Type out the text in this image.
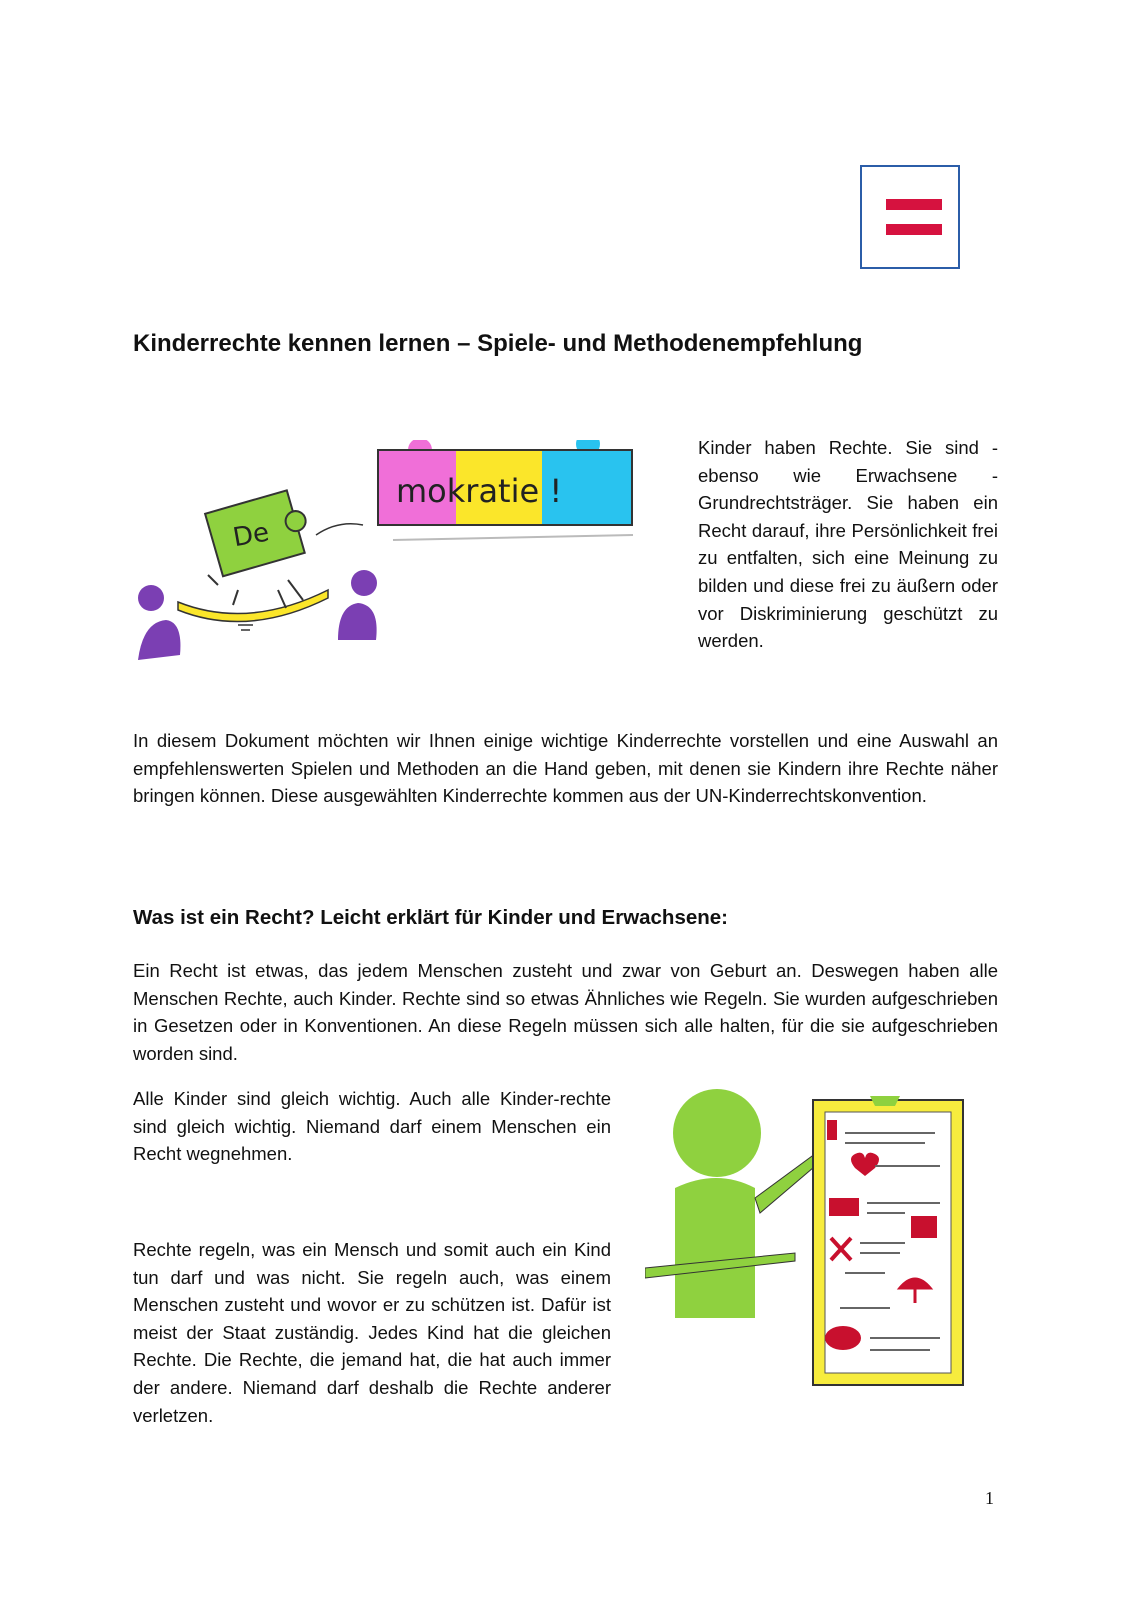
Kinderrechte kennen lernen – Spiele- und Methodenempfehlung
De
mokratie !

Kinder haben Rechte. Sie sind - ebenso wie Erwachsene - Grundrechtsträger. Sie haben ein Recht darauf, ihre Persönlichkeit frei zu entfalten, sich eine Meinung zu bilden und diese frei zu äußern oder vor Diskriminierung geschützt zu werden.

In diesem Dokument möchten wir Ihnen einige wichtige Kinderrechte vorstellen und eine Auswahl an empfehlenswerten Spielen und Methoden an die Hand geben, mit denen sie Kindern ihre Rechte näher bringen können. Diese ausgewählten Kinderrechte kommen aus der UN-Kinderrechtskonvention.

Was ist ein Recht? Leicht erklärt für Kinder und Erwachsene:

Ein Recht ist etwas, das jedem Menschen zusteht und zwar von Geburt an. Deswegen haben alle Menschen Rechte, auch Kinder. Rechte sind so etwas Ähnliches wie Regeln. Sie wurden aufgeschrieben in Gesetzen oder in Konventionen. An diese Regeln müssen sich alle halten, für die sie aufgeschrieben worden sind.

Alle Kinder sind gleich wichtig. Auch alle Kinder-rechte sind gleich wichtig. Niemand darf einem Menschen ein Recht wegnehmen.

Rechte regeln, was ein Mensch und somit auch ein Kind tun darf und was nicht. Sie regeln auch, was einem Menschen zusteht und wovor er zu schützen ist. Dafür ist meist der Staat zuständig. Jedes Kind hat die gleichen Rechte. Die Rechte, die jemand hat, die hat auch immer der andere. Niemand darf deshalb die Rechte anderer verletzen.

1
